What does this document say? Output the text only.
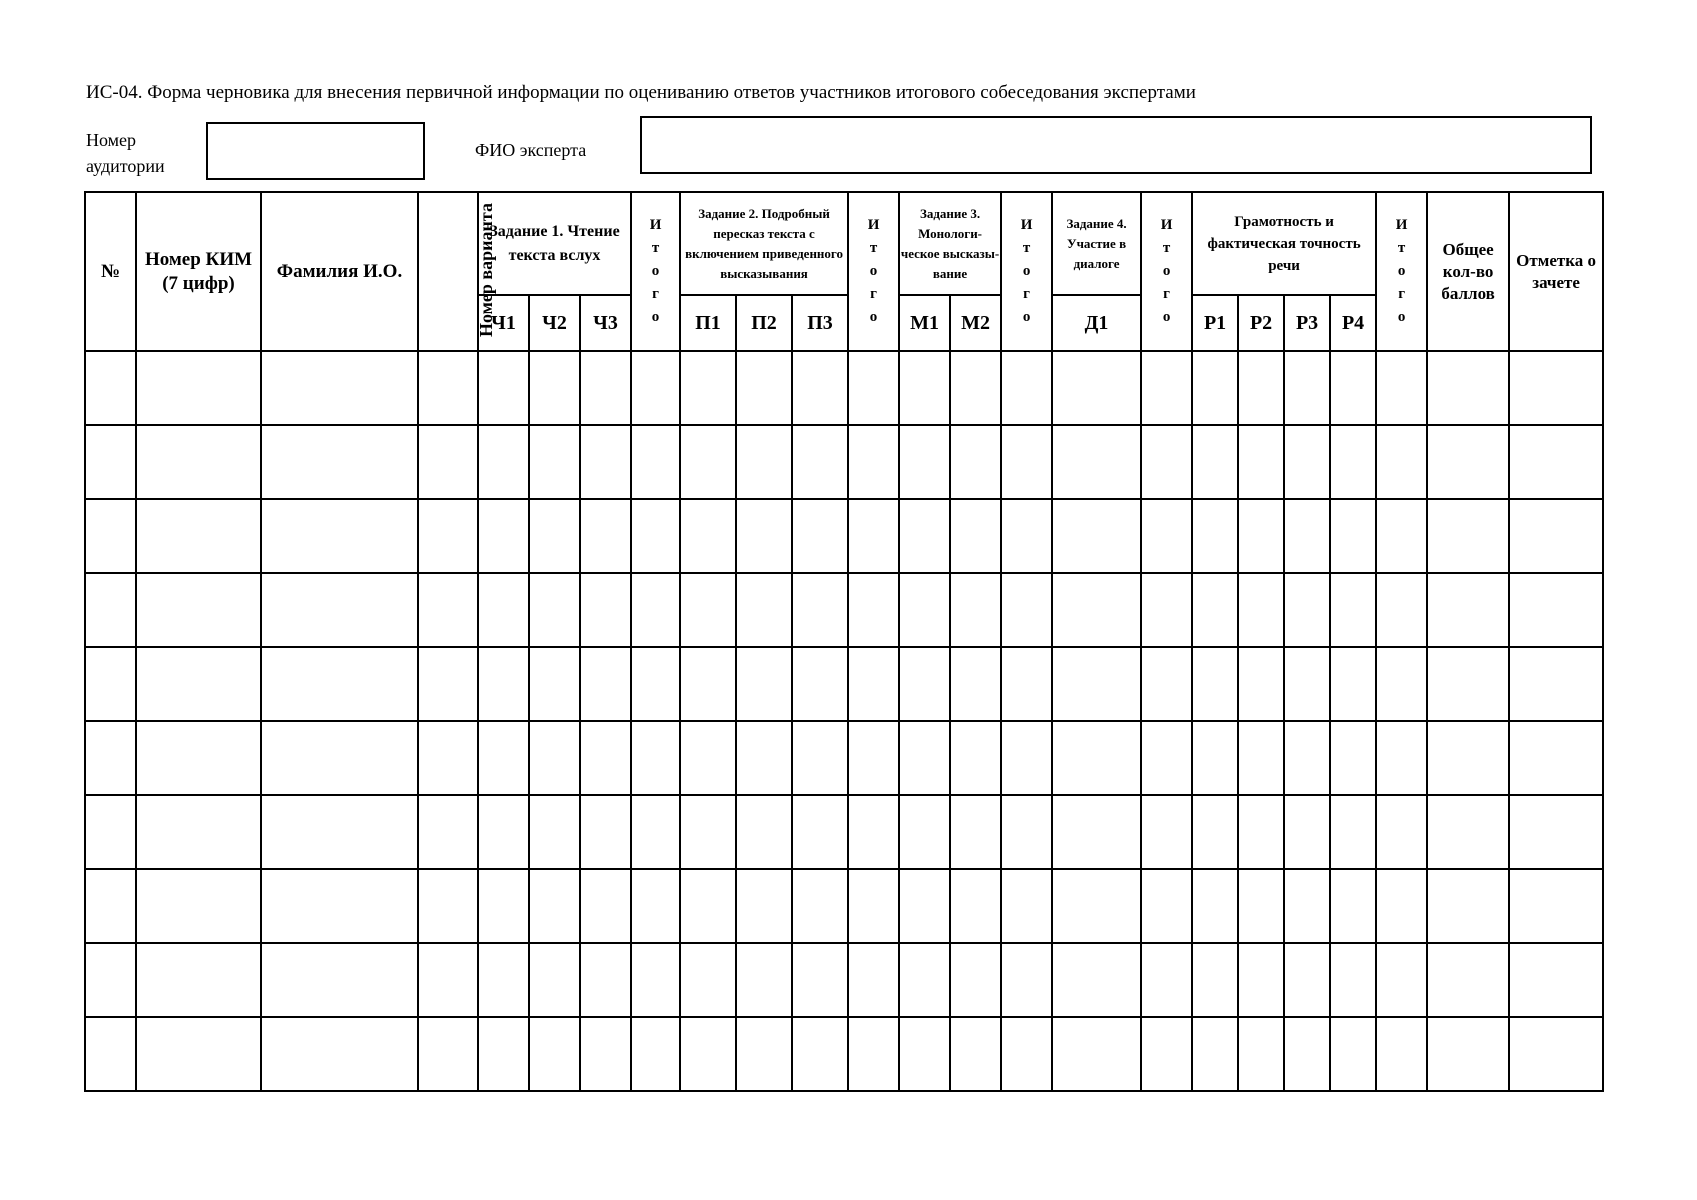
ИС-04. Форма черновика для внесения первичной информации по оцениванию ответов участников итогового собеседования экспертами
Номер
аудитории
ФИО эксперта
№	Номер КИМ (7 цифр)	Фамилия И.О.	Номер варианта	Задание 1. Чтение текста вслух			Итого	Задание 2. Подробный пересказ текста с включением приведенного высказывания			Итого	Задание 3. Монологи-ческое высказы-вание		Итого	Задание 4. Участие в диалоге	Итого	Грамотность и фактическая точность речи				Итого	Общее кол-во баллов	Отметка о зачете
				Ч1	Ч2	Ч3		П1	П2	П3		М1	М2		Д1		Р1	Р2	Р3	Р4			
